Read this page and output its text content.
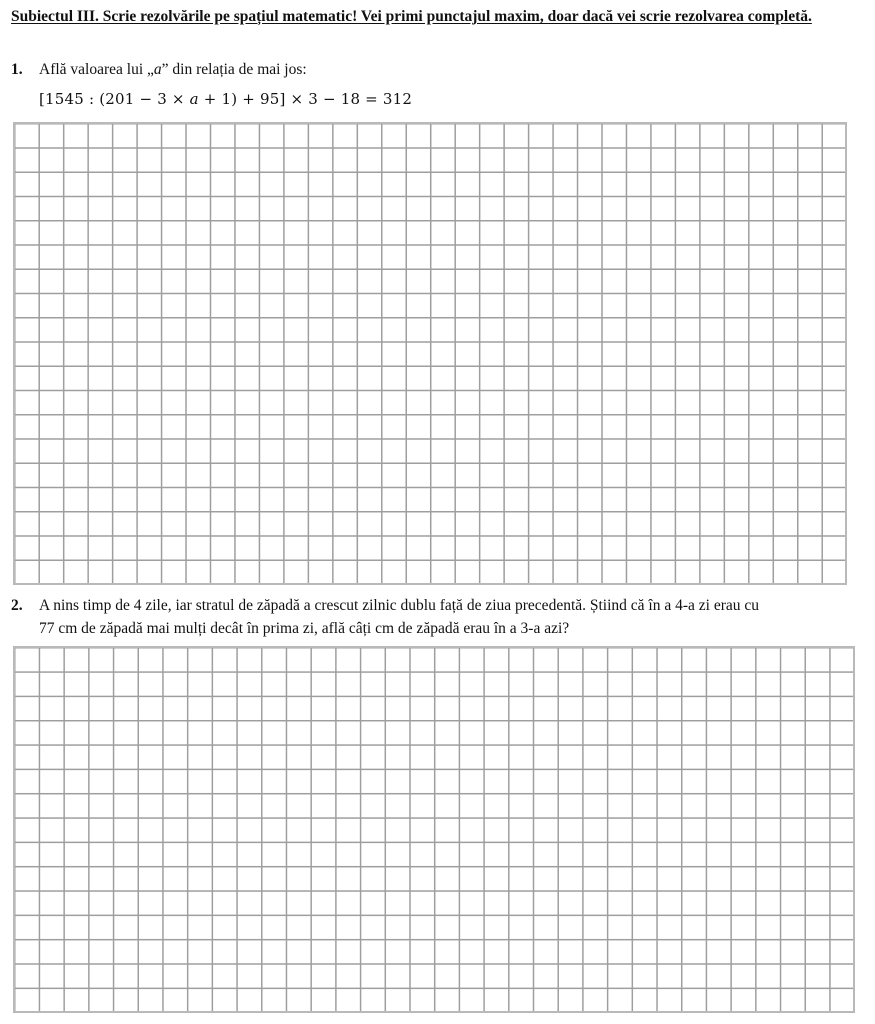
Subiectul III. Scrie rezolvările pe spațiul matematic! Vei primi punctajul maxim, doar dacă vei scrie rezolvarea completă.
1. Află valoarea lui „a” din relația de mai jos:
[1545 : (201 − 3 × a + 1) + 95] × 3 − 18 = 312
2. A nins timp de 4 zile, iar stratul de zăpadă a crescut zilnic dublu față de ziua precedentă. Știind că în a 4-a zi erau cu
77 cm de zăpadă mai mulți decât în prima zi, află câți cm de zăpadă erau în a 3-a azi?
